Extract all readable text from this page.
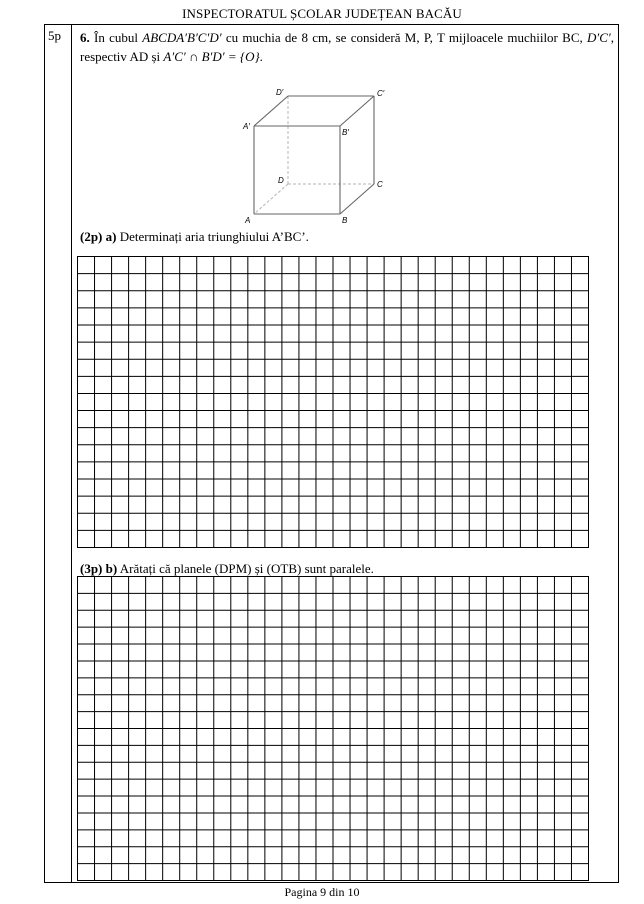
INSPECTORATUL ȘCOLAR JUDEȚEAN BACĂU
5p 6. În cubul ABCDA′B′C′D′ cu muchia de 8 cm, se consideră M, P, T mijloacele muchiilor BC, D′C′, respectiv AD și A′C′ ∩ B′D′ = {O}.
A	B
C
D
A′
B′
C′
D′
(2p) a) Determinați aria triunghiului A’BC’.
(3p) b) Arătați că planele (DPM) și (OTB) sunt paralele.
Pagina 9 din 10
